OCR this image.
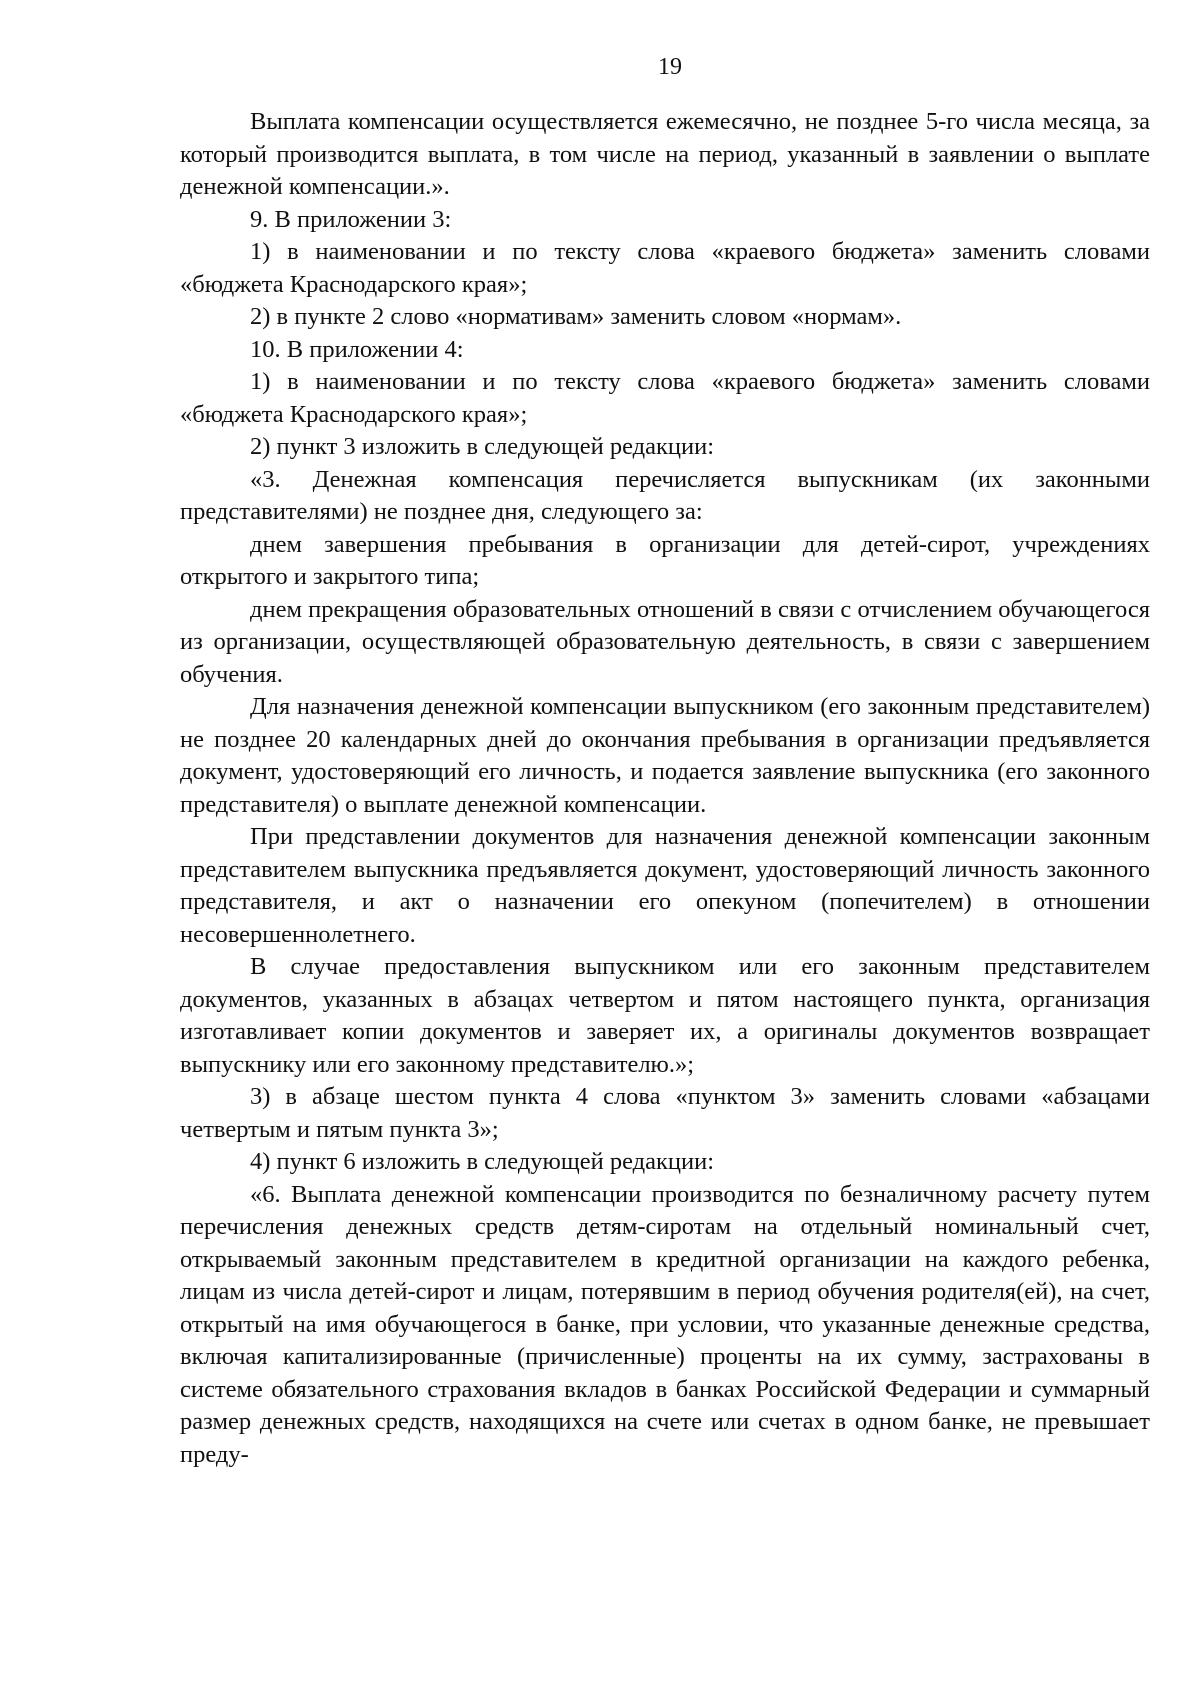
19

Выплата компенсации осуществляется ежемесячно, не позднее 5-го числа месяца, за который производится выплата, в том числе на период, указанный в заявлении о выплате денежной компенсации.».

9. В приложении 3:

1) в наименовании и по тексту слова «краевого бюджета» заменить словами «бюджета Краснодарского края»;

2) в пункте 2 слово «нормативам» заменить словом «нормам».

10. В приложении 4:

1) в наименовании и по тексту слова «краевого бюджета» заменить словами «бюджета Краснодарского края»;

2) пункт 3 изложить в следующей редакции:

«3. Денежная компенсация перечисляется выпускникам (их законными представителями) не позднее дня, следующего за:

днем завершения пребывания в организации для детей-сирот, учреждениях открытого и закрытого типа;

днем прекращения образовательных отношений в связи с отчислением обучающегося из организации, осуществляющей образовательную деятельность, в связи с завершением обучения.

Для назначения денежной компенсации выпускником (его законным представителем) не позднее 20 календарных дней до окончания пребывания в организации предъявляется документ, удостоверяющий его личность, и подается заявление выпускника (его законного представителя) о выплате денежной компенсации.

При представлении документов для назначения денежной компенсации законным представителем выпускника предъявляется документ, удостоверяющий личность законного представителя, и акт о назначении его опекуном (попечителем) в отношении несовершеннолетнего.

В случае предоставления выпускником или его законным представителем документов, указанных в абзацах четвертом и пятом настоящего пункта, организация изготавливает копии документов и заверяет их, а оригиналы документов возвращает выпускнику или его законному представителю.»;

3) в абзаце шестом пункта 4 слова «пунктом 3» заменить словами «абзацами четвертым и пятым пункта 3»;

4) пункт 6 изложить в следующей редакции:

«6. Выплата денежной компенсации производится по безналичному расчету путем перечисления денежных средств детям-сиротам на отдельный номинальный счет, открываемый законным представителем в кредитной организации на каждого ребенка, лицам из числа детей-сирот и лицам, потерявшим в период обучения родителя(ей), на счет, открытый на имя обучающегося в банке, при условии, что указанные денежные средства, включая капитализированные (причисленные) проценты на их сумму, застрахованы в системе обязательного страхования вкладов в банках Российской Федерации и суммарный размер денежных средств, находящихся на счете или счетах в одном банке, не превышает преду-
